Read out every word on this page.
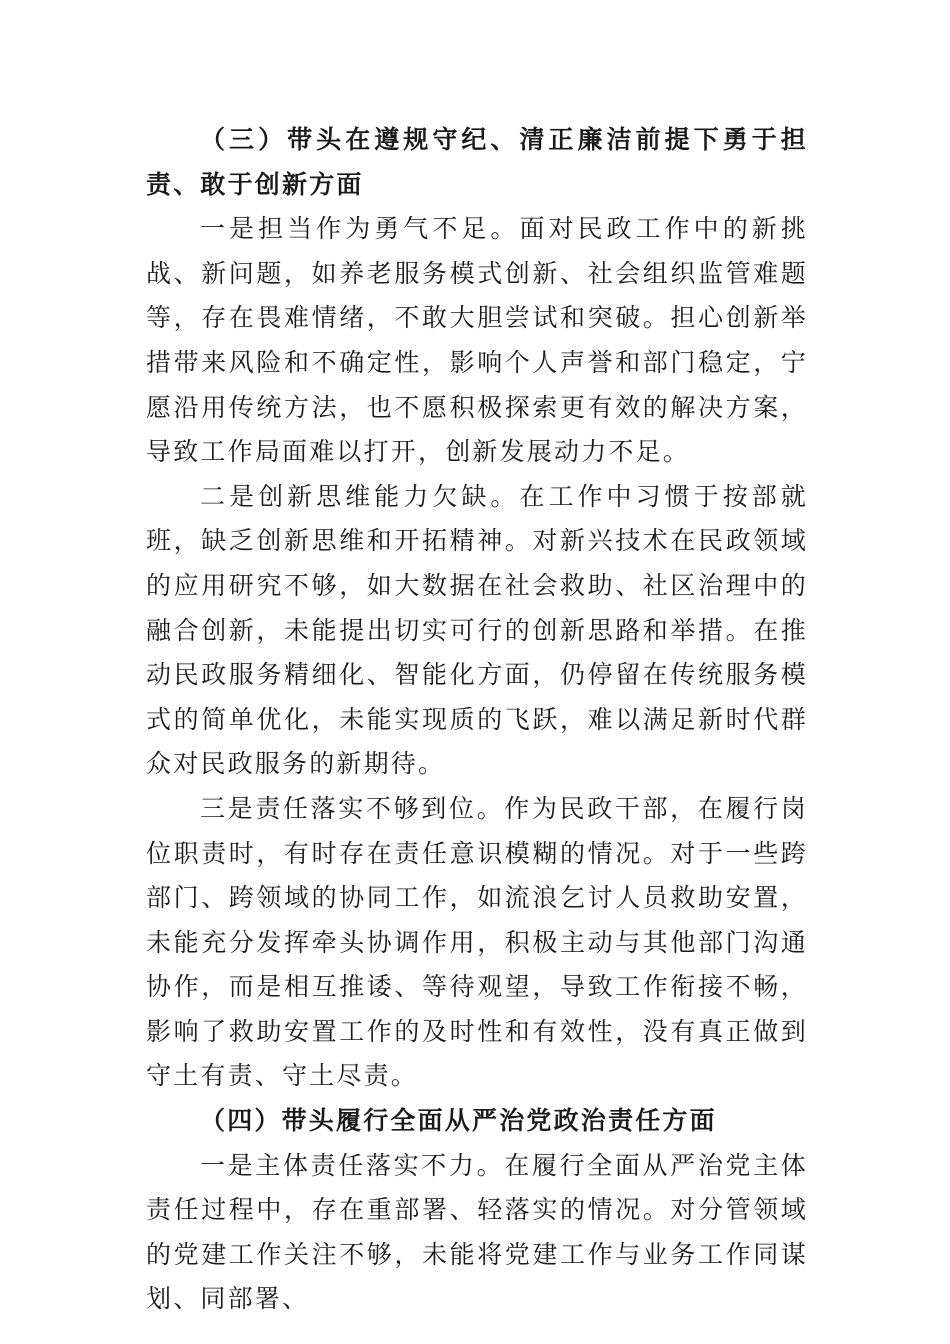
（三）带头在遵规守纪、清正廉洁前提下勇于担责、敢于创新方面

一是担当作为勇气不足。面对民政工作中的新挑战、新问题，如养老服务模式创新、社会组织监管难题等，存在畏难情绪，不敢大胆尝试和突破。担心创新举措带来风险和不确定性，影响个人声誉和部门稳定，宁愿沿用传统方法，也不愿积极探索更有效的解决方案，导致工作局面难以打开，创新发展动力不足。

二是创新思维能力欠缺。在工作中习惯于按部就班，缺乏创新思维和开拓精神。对新兴技术在民政领域的应用研究不够，如大数据在社会救助、社区治理中的融合创新，未能提出切实可行的创新思路和举措。在推动民政服务精细化、智能化方面，仍停留在传统服务模式的简单优化，未能实现质的飞跃，难以满足新时代群众对民政服务的新期待。

三是责任落实不够到位。作为民政干部，在履行岗位职责时，有时存在责任意识模糊的情况。对于一些跨部门、跨领域的协同工作，如流浪乞讨人员救助安置，未能充分发挥牵头协调作用，积极主动与其他部门沟通协作，而是相互推诿、等待观望，导致工作衔接不畅，影响了救助安置工作的及时性和有效性，没有真正做到守土有责、守土尽责。

（四）带头履行全面从严治党政治责任方面

一是主体责任落实不力。在履行全面从严治党主体责任过程中，存在重部署、轻落实的情况。对分管领域的党建工作关注不够，未能将党建工作与业务工作同谋划、同部署、
